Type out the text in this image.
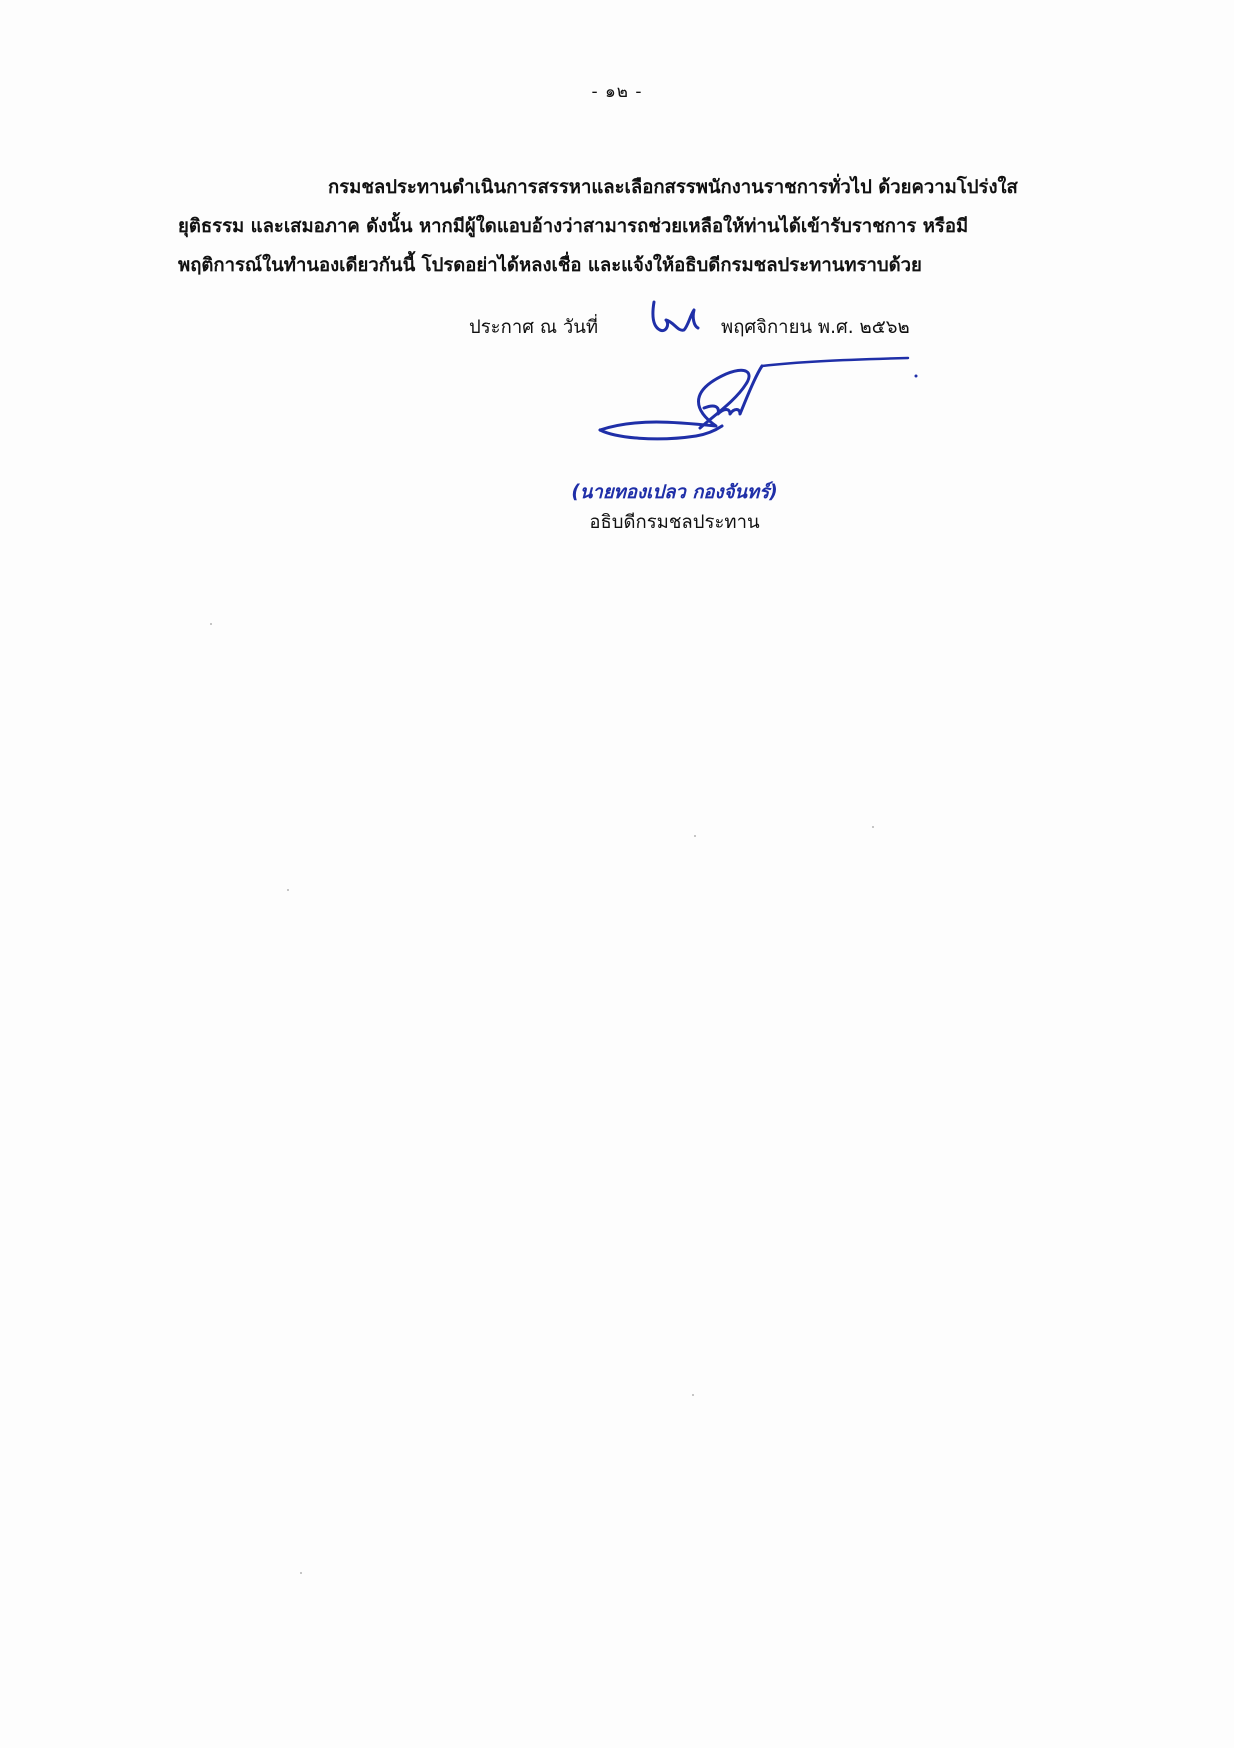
- ๑๒ -
กรมชลประทานดำเนินการสรรหาและเลือกสรรพนักงานราชการทั่วไป ด้วยความโปร่งใส
ยุติธรรม และเสมอภาค ดังนั้น หากมีผู้ใดแอบอ้างว่าสามารถช่วยเหลือให้ท่านได้เข้ารับราชการ หรือมี
พฤติการณ์ในทำนองเดียวกันนี้ โปรดอย่าได้หลงเชื่อ และแจ้งให้อธิบดีกรมชลประทานทราบด้วย
ประกาศ ณ วันที่	พฤศจิกายน พ.ศ. ๒๕๖๒
(นายทองเปลว กองจันทร์)
อธิบดีกรมชลประทาน
